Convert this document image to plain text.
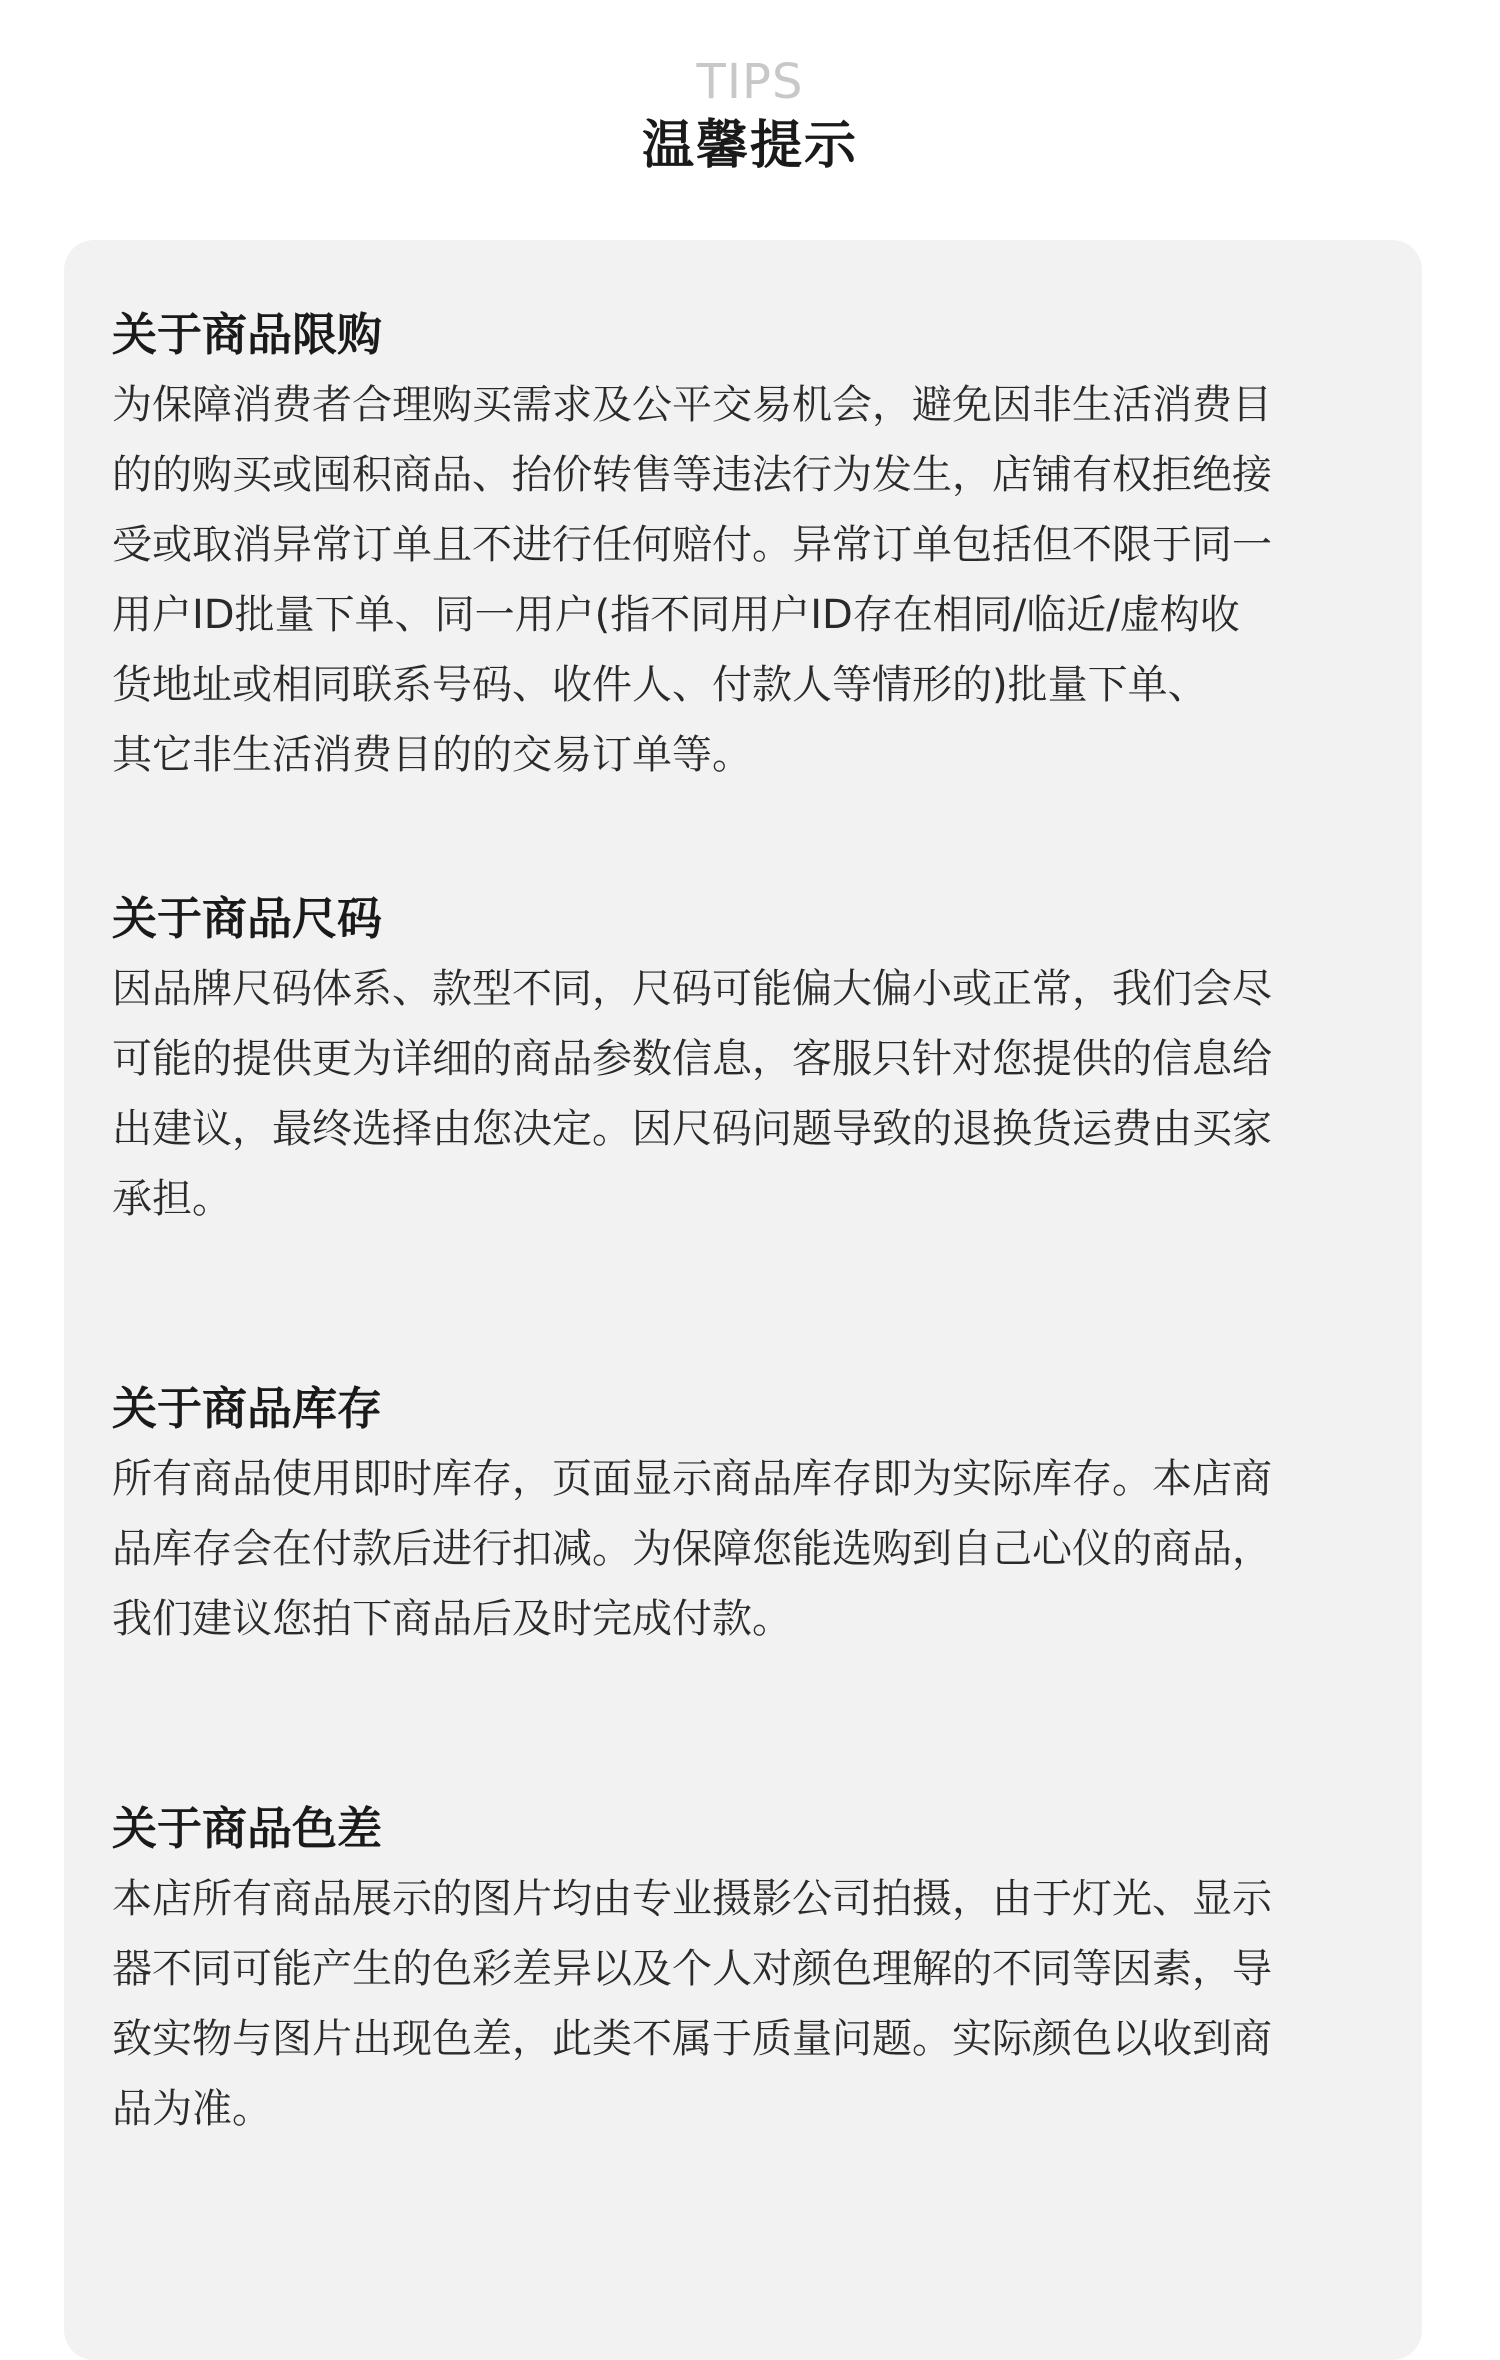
TIPS
温馨提示

关于商品限购

为保障消费者合理购买需求及公平交易机会，避免因非生活消费目
的的购买或囤积商品、抬价转售等违法行为发生，店铺有权拒绝接
受或取消异常订单且不进行任何赔付。异常订单包括但不限于同一
用户ID批量下单、同一用户(指不同用户ID存在相同/临近/虚构收
货地址或相同联系号码、收件人、付款人等情形的)批量下单、
其它非生活消费目的的交易订单等。

关于商品尺码

因品牌尺码体系、款型不同，尺码可能偏大偏小或正常，我们会尽
可能的提供更为详细的商品参数信息，客服只针对您提供的信息给
出建议，最终选择由您决定。因尺码问题导致的退换货运费由买家
承担。

关于商品库存

所有商品使用即时库存，页面显示商品库存即为实际库存。本店商
品库存会在付款后进行扣减。为保障您能选购到自己心仪的商品，
我们建议您拍下商品后及时完成付款。

关于商品色差

本店所有商品展示的图片均由专业摄影公司拍摄，由于灯光、显示
器不同可能产生的色彩差异以及个人对颜色理解的不同等因素，导
致实物与图片出现色差，此类不属于质量问题。实际颜色以收到商
品为准。
